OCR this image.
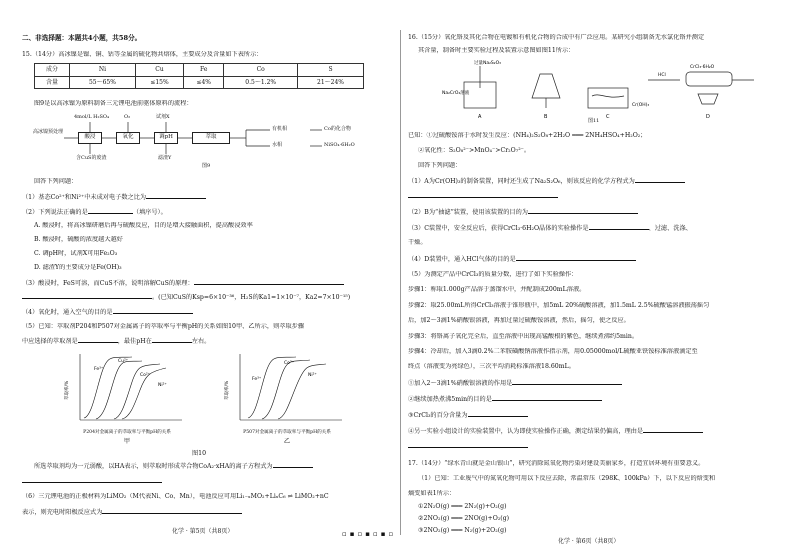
二、非选择题：本题共4小题，共58分。
15.（14分）高冰镍是镍、铜、钴等金属的硫化物共熔体，主要成分及含量如下表所示：
成分	Ni	Cu	Fe	Co	S
含量	55～65%	≤15%	≤4%	0.5～1.2%	21～24%
图9是以高冰镍为原料制备三元锂电池前驱体原料的流程：
高冰镍预处理
4mol/L H₂SO₄
酸浸
O₂
氧化
试剂X
调pH	萃取
含CuS的废渣	滤渣Y
有机相	Co的化合物
水相	NiSO₄·6H₂O
图9
回答下列问题：
（1）基态Co²⁺和Ni²⁺中未成对电子数之比为
（2）下列说法正确的是	（填序号）。
A. 酸浸时，将高冰镍研磨后再与硫酸反应，目的是增大接触面积，提高酸浸效率
B. 酸浸时，硫酸的浓度越大越好
C. 调pH时，试剂X可用Fe₂O₃
D. 滤渣Y的主要成分是Fe(OH)₃
（3）酸浸时，FeS可溶，而CuS不溶，说明溶解CuS的原理：
。(已知CuS的Ksp=6×10⁻³⁶，H₂S的Ka1=1×10⁻⁷，Ka2=7×10⁻¹⁵)
（4）氧化时，通入空气的目的是
（5）已知：萃取剂P204和P507对金属离子的萃取率与平衡pH的关系如图10甲、乙所示，则萃取步骤
中应选择的萃取剂是	，最佳pH在	左右。
萃取率/%
Fe³⁺
Cu²⁺
Co²⁺
Ni²⁺
P204对金属离子的萃取率与平衡pH的关系
甲
萃取率/%
Fe³⁺
Co²⁺
Ni²⁺
P507对金属离子的萃取率与平衡pH的关系
乙
图10
所选萃取剂均为一元弱酸，以HA表示，则萃取时形成萃合物CoA₂·xHA的离子方程式为
（6）三元锂电池的正极材料为LiMO₂（M代表Ni、Co、Mn），电池反应可用Li₁₋ₓMO₂+LiₓC₆ ⇌ LiMO₂+nC
表示，则充电时阳极反应式为
化学 · 第5页（共8页）
16.（15分）氧化铬及其化合物在电镀和有机化合物的合成中有广泛应用。某研究小组制备无水氯化铬并测定
其含量，制备时主要实验过程及装置示意图如图11所示：
Na₂CrO₄溶液
过量Na₂S₂O₃
Cr(OH)₃
HCl
CrCl₃·6H₂O
A	B	C	D
图11
已知：①过硫酸铵溶于水时发生反应：(NH₄)₂S₂O₈+2H₂O ═══ 2NH₄HSO₄+H₂O₂；
②氧化性：S₂O₈²⁻>MnO₄⁻>Cr₂O₇²⁻。
回答下列问题：
（1）A为Cr(OH)₃的制备装置，同时还生成了Na₂S₂O₆，则该反应的化学方程式为
（2）B为“抽滤”装置，使用该装置的目的为
（3）C装置中，安全反应后，获得CrCl₃·6H₂O晶体的实验操作是	、过滤、洗涤、
干燥。
（4）D装置中，通入HCl气体的目的是
（5）为测定产品中CrCl₃的质量分数，进行了如下实验操作：
步骤1：称取1.000g产品溶于蒸馏水中，并配制成200mL溶液。
步骤2：取25.00mL所得CrCl₃溶液于锥形瓶中，加5mL 20%硫酸溶液，加1.5mL 2.5%硫酸锰溶液振荡摇匀
后，加2～3滴1%硝酸银溶液，再加过量过硫酸铵溶液，然后，摇匀，使之反应。
步骤3：将铬离子氧化完全后，直至溶液中出现高锰酸根的紫色，继续煮沸约5min。
步骤4：冷却后，加入3滴0.2%二苯胺磺酸钠溶液作指示剂，用0.05000mol/L硫酸亚铁铵标准溶液滴定至
终点（溶液变为亮绿色），三次平均消耗标准溶液18.60mL。
①加入2～3滴1%硝酸银溶液的作用是
②继续加热煮沸5min的目的是
③CrCl₃的百分含量为
④另一实验小组设计的实验装置中，认为即使实验操作正确，测定结果仍偏高，理由是
17.（14分）“绿水青山就是金山银山”，研究消除氮氧化物污染对建设美丽家乡，打造宜居环境有重要意义。
（1）已知：工业废气中的氮氧化物可用以下反应去除，常温常压（298K、100kPa）下，以下反应的焓变和
熵变如表1所示：
①2N₂O(g) ═══ 2N₂(g)+O₂(g)
②2NO₂(g) ═══ 2NO(g)+O₂(g)
③2NO₂(g) ═══ N₂(g)+2O₂(g)
化学 · 第6页（共8页）
▫▪▫▪▫▪▫
